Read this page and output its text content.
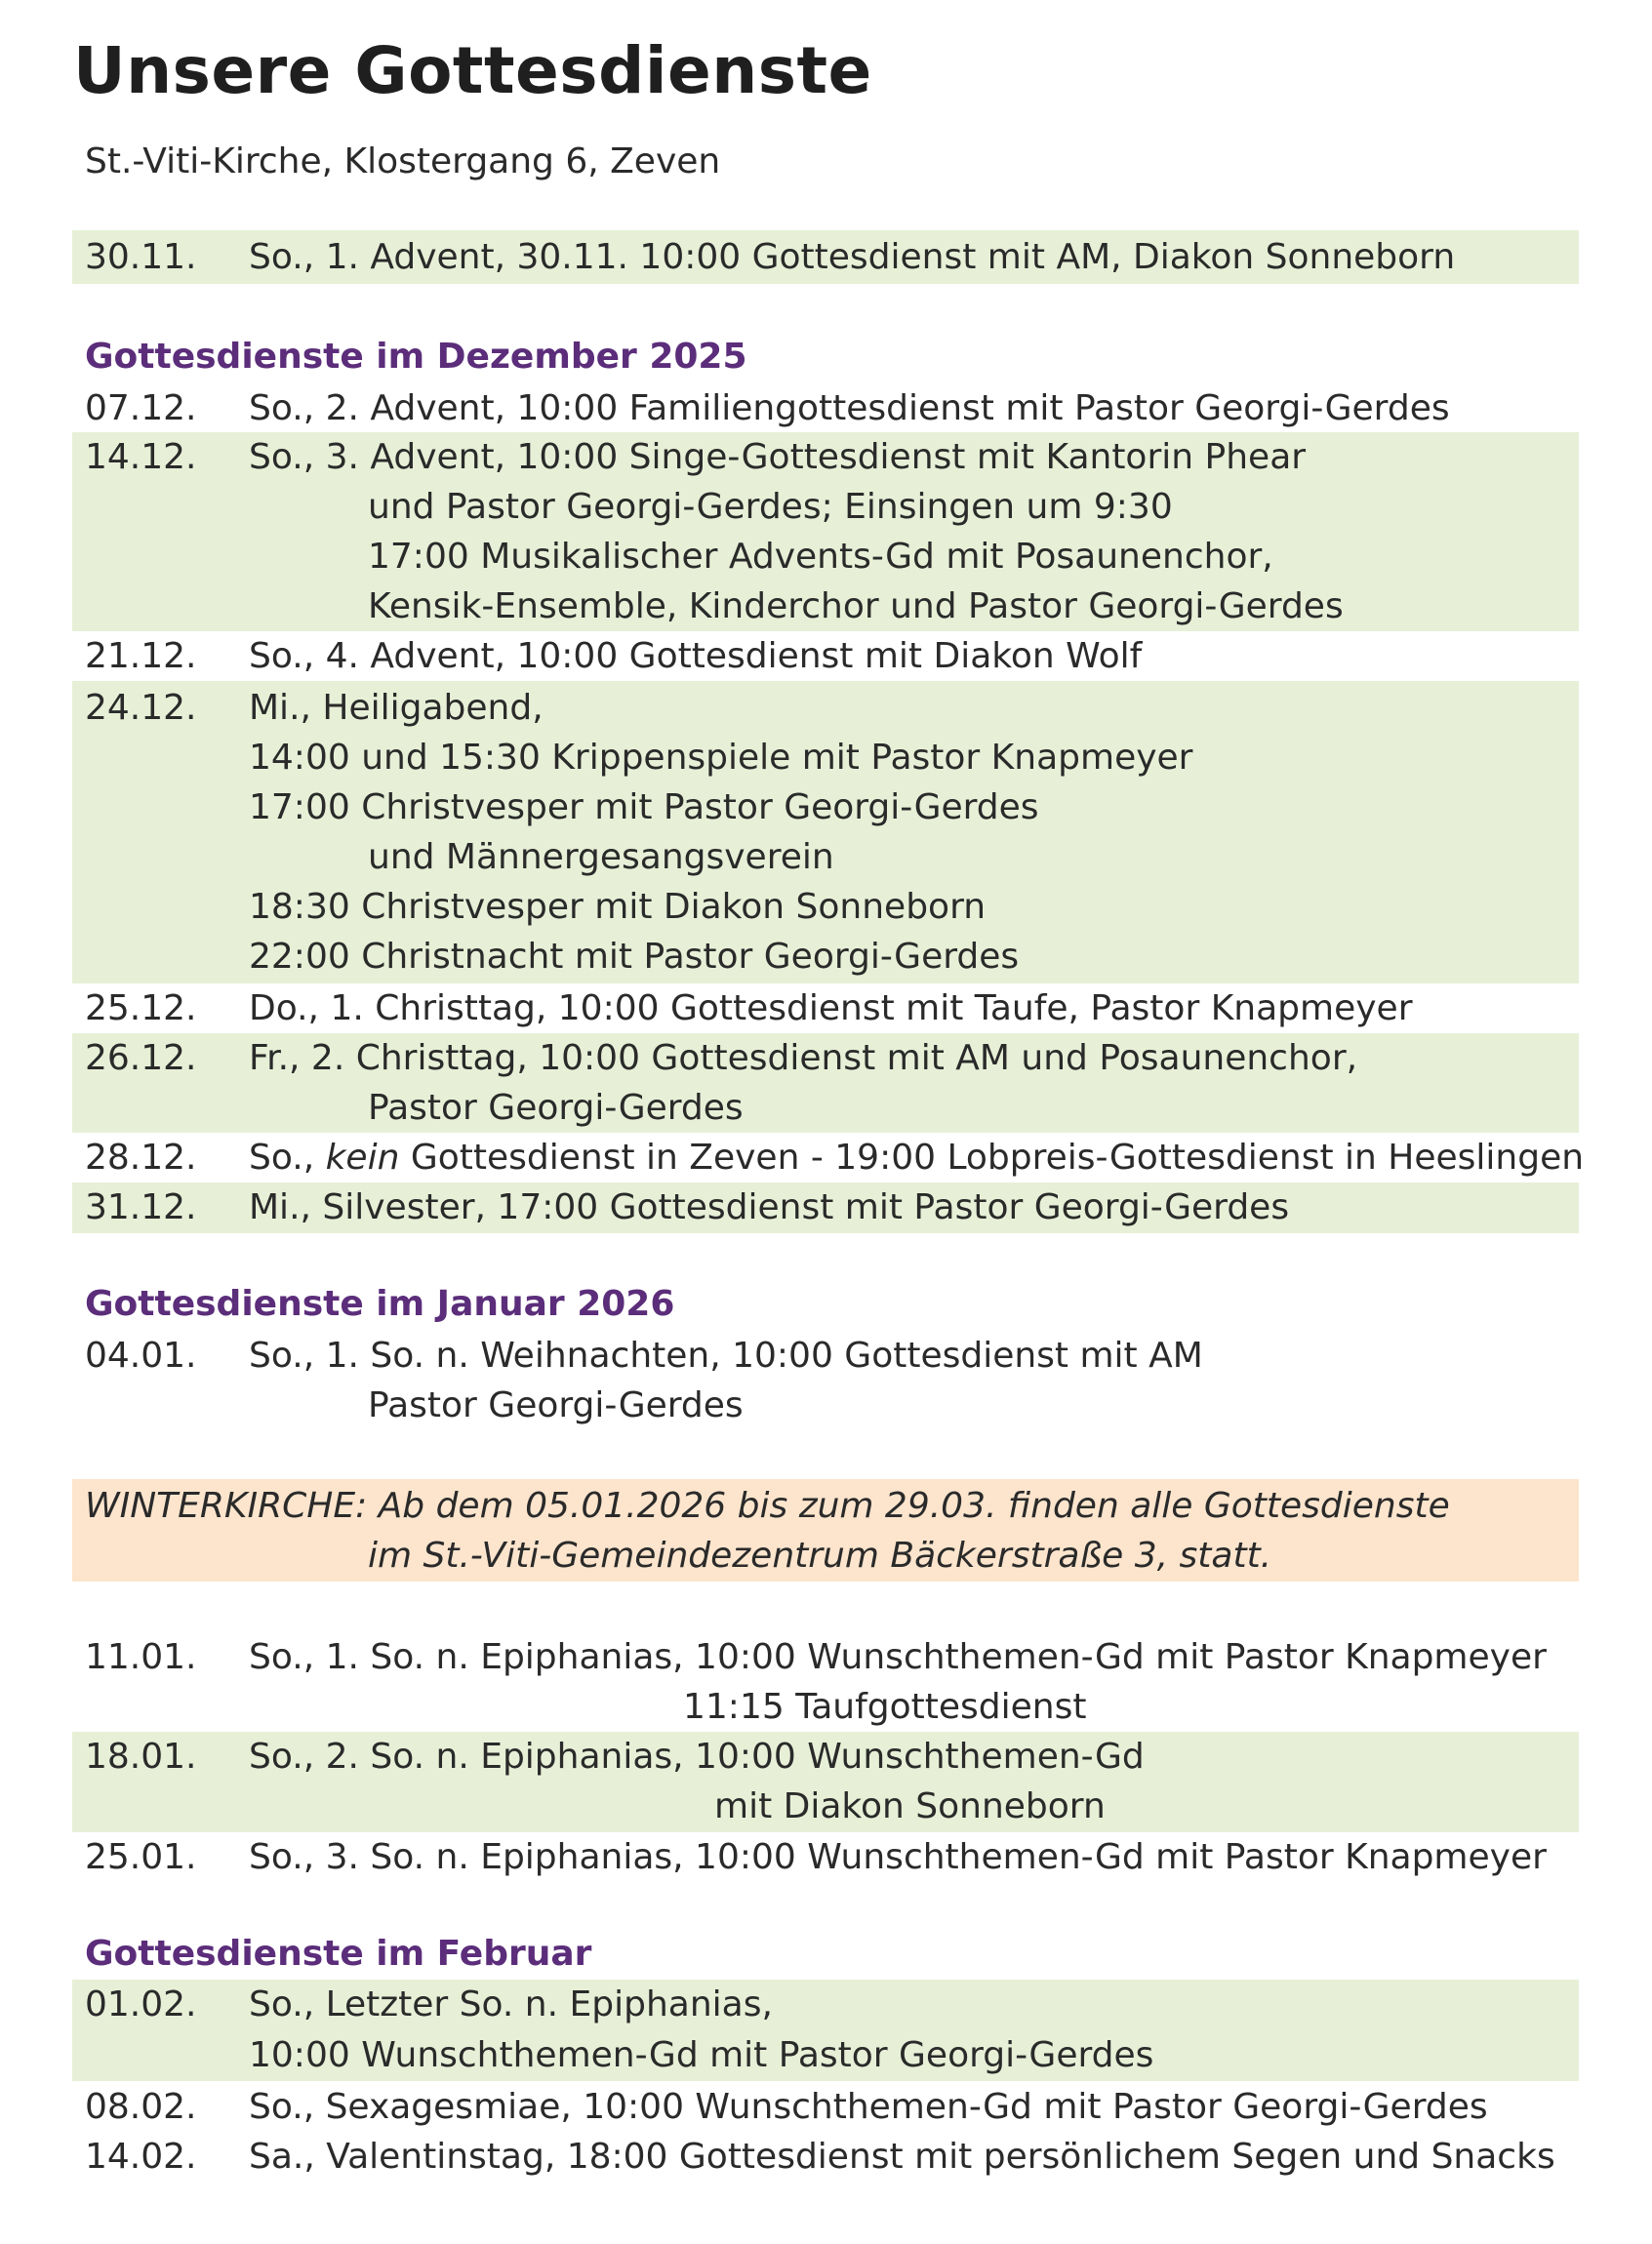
Unsere Gottesdienste
St.-Viti-Kirche, Klostergang 6, Zeven
30.11. So., 1. Advent, 30.11. 10:00 Gottesdienst mit AM, Diakon Sonneborn
Gottesdienste im Dezember 2025
07.12. So., 2. Advent, 10:00 Familiengottesdienst mit Pastor Georgi-Gerdes
14.12. So., 3. Advent, 10:00 Singe-Gottesdienst mit Kantorin Phear
und Pastor Georgi-Gerdes; Einsingen um 9:30
17:00 Musikalischer Advents-Gd mit Posaunenchor,
Kensik-Ensemble, Kinderchor und Pastor Georgi-Gerdes
21.12. So., 4. Advent, 10:00 Gottesdienst mit Diakon Wolf
24.12. Mi., Heiligabend,
14:00 und 15:30 Krippenspiele mit Pastor Knapmeyer
17:00 Christvesper mit Pastor Georgi-Gerdes
und Männergesangsverein
18:30 Christvesper mit Diakon Sonneborn
22:00 Christnacht mit Pastor Georgi-Gerdes
25.12. Do., 1. Christtag, 10:00 Gottesdienst mit Taufe, Pastor Knapmeyer
26.12. Fr., 2. Christtag, 10:00 Gottesdienst mit AM und Posaunenchor,
Pastor Georgi-Gerdes
28.12. So., kein Gottesdienst in Zeven - 19:00 Lobpreis-Gottesdienst in Heeslingen
31.12. Mi., Silvester, 17:00 Gottesdienst mit Pastor Georgi-Gerdes
Gottesdienste im Januar 2026
04.01. So., 1. So. n. Weihnachten, 10:00 Gottesdienst mit AM
Pastor Georgi-Gerdes
WINTERKIRCHE: Ab dem 05.01.2026 bis zum 29.03. finden alle Gottesdienste
im St.-Viti-Gemeindezentrum Bäckerstraße 3, statt.
11.01. So., 1. So. n. Epiphanias, 10:00 Wunschthemen-Gd mit Pastor Knapmeyer
11:15 Taufgottesdienst
18.01. So., 2. So. n. Epiphanias, 10:00 Wunschthemen-Gd
mit Diakon Sonneborn
25.01. So., 3. So. n. Epiphanias, 10:00 Wunschthemen-Gd mit Pastor Knapmeyer
Gottesdienste im Februar
01.02. So., Letzter So. n. Epiphanias,
10:00 Wunschthemen-Gd mit Pastor Georgi-Gerdes
08.02. So., Sexagesmiae, 10:00 Wunschthemen-Gd mit Pastor Georgi-Gerdes
14.02. Sa., Valentinstag, 18:00 Gottesdienst mit persönlichem Segen und Snacks
